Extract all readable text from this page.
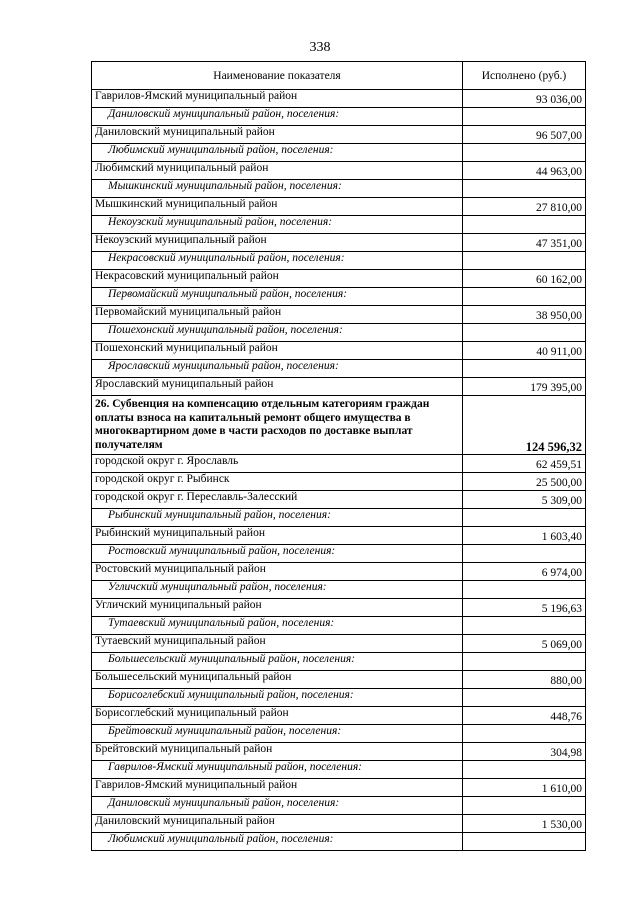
338
Наименование показателя	Исполнено (руб.)
Гаврилов-Ямский муниципальный район	93 036,00
Даниловский муниципальный район, поселения:	
Даниловский муниципальный район	96 507,00
Любимский муниципальный район, поселения:	
Любимский муниципальный район	44 963,00
Мышкинский муниципальный район, поселения:	
Мышкинский муниципальный район	27 810,00
Некоузский муниципальный район, поселения:	
Некоузский муниципальный район	47 351,00
Некрасовский муниципальный район, поселения:	
Некрасовский муниципальный район	60 162,00
Первомайский муниципальный район, поселения:	
Первомайский муниципальный район	38 950,00
Пошехонский муниципальный район, поселения:	
Пошехонский муниципальный район	40 911,00
Ярославский муниципальный район, поселения:	
Ярославский муниципальный район	179 395,00
26. Субвенция на компенсацию отдельным категориям граждан оплаты взноса на капитальный ремонт общего имущества в многоквартирном доме в части расходов по доставке выплат получателям	124 596,32
городской округ г. Ярославль	62 459,51
городской округ г. Рыбинск	25 500,00
городской округ г. Переславль-Залесский	5 309,00
Рыбинский муниципальный район, поселения:	
Рыбинский муниципальный район	1 603,40
Ростовский муниципальный район, поселения:	
Ростовский муниципальный район	6 974,00
Угличский муниципальный район, поселения:	
Угличский муниципальный район	5 196,63
Тутаевский муниципальный район, поселения:	
Тутаевский муниципальный район	5 069,00
Большесельский муниципальный район, поселения:	
Большесельский муниципальный район	880,00
Борисоглебский муниципальный район, поселения:	
Борисоглебский муниципальный район	448,76
Брейтовский муниципальный район, поселения:	
Брейтовский муниципальный район	304,98
Гаврилов-Ямский муниципальный район, поселения:	
Гаврилов-Ямский муниципальный район	1 610,00
Даниловский муниципальный район, поселения:	
Даниловский муниципальный район	1 530,00
Любимский муниципальный район, поселения:	
